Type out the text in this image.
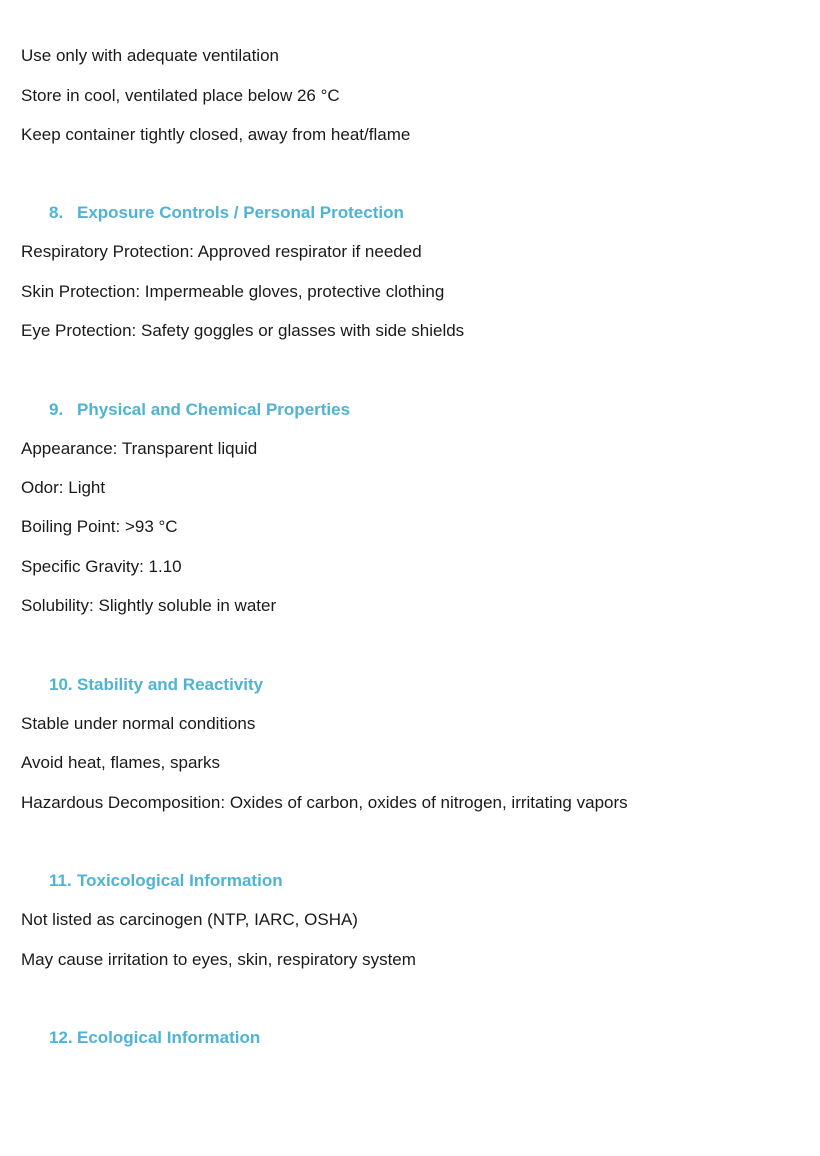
Use only with adequate ventilation
Store in cool, ventilated place below 26 °C
Keep container tightly closed, away from heat/flame
8. Exposure Controls / Personal Protection
Respiratory Protection: Approved respirator if needed
Skin Protection: Impermeable gloves, protective clothing
Eye Protection: Safety goggles or glasses with side shields
9. Physical and Chemical Properties
Appearance: Transparent liquid
Odor: Light
Boiling Point: >93 °C
Specific Gravity: 1.10
Solubility: Slightly soluble in water
10. Stability and Reactivity
Stable under normal conditions
Avoid heat, flames, sparks
Hazardous Decomposition: Oxides of carbon, oxides of nitrogen, irritating vapors
11. Toxicological Information
Not listed as carcinogen (NTP, IARC, OSHA)
May cause irritation to eyes, skin, respiratory system
12. Ecological Information
